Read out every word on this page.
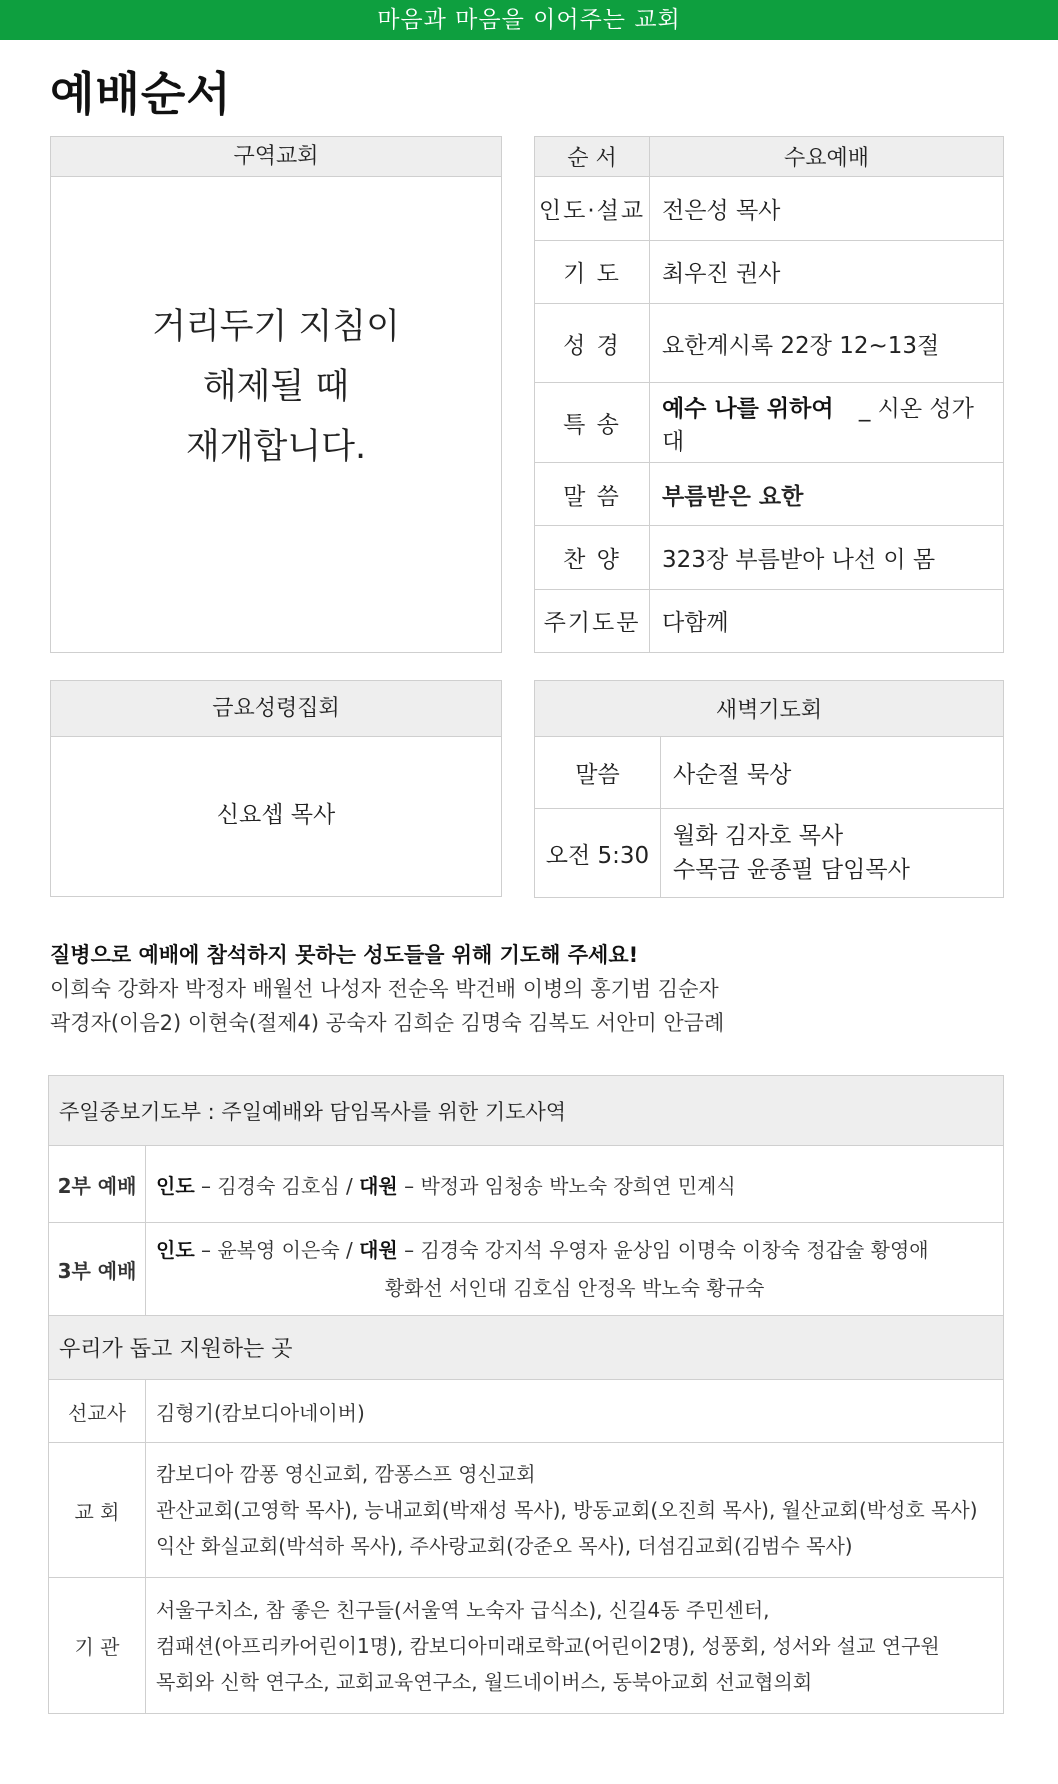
마음과 마음을 이어주는 교회
예배순서
구역교회
거리두기 지침이
해제될 때
재개합니다.
순 서	수요예배
인도·설교	전은성 목사
기 도	최우진 권사
성 경	요한계시록 22장 12~13절
특 송	예수 나를 위하여 _ 시온 성가대
말 씀	부름받은 요한
찬 양	323장 부름받아 나선 이 몸
주기도문	다함께
금요성령집회
신요셉 목사
새벽기도회	
말씀	사순절 묵상
오전 5:30	월화 김자호 목사
수목금 윤종필 담임목사
질병으로 예배에 참석하지 못하는 성도들을 위해 기도해 주세요!
이희숙 강화자 박정자 배월선 나성자 전순옥 박건배 이병의 홍기범 김순자
곽경자(이음2) 이현숙(절제4) 공숙자 김희순 김명숙 김복도 서안미 안금례
주일중보기도부 : 주일예배와 담임목사를 위한 기도사역	
2부 예배	인도 – 김경숙 김호심 / 대원 – 박정과 임청송 박노숙 장희연 민계식
3부 예배	인도 – 윤복영 이은숙 / 대원 – 김경숙 강지석 우영자 윤상임 이명숙 이창숙 정갑술 황영애
황화선 서인대 김호심 안정옥 박노숙 황규숙

우리가 돕고 지원하는 곳	
선교사	김형기(캄보디아네이버)
교 회	캄보디아 깜퐁 영신교회, 깜퐁스프 영신교회
관산교회(고영학 목사), 능내교회(박재성 목사), 방동교회(오진희 목사), 월산교회(박성호 목사)
익산 화실교회(박석하 목사), 주사랑교회(강준오 목사), 더섬김교회(김범수 목사)

기 관	서울구치소, 참 좋은 친구들(서울역 노숙자 급식소), 신길4동 주민센터,
컴패션(아프리카어린이1명), 캄보디아미래로학교(어린이2명), 성풍회, 성서와 설교 연구원
목회와 신학 연구소, 교회교육연구소, 월드네이버스, 동북아교회 선교협의회
